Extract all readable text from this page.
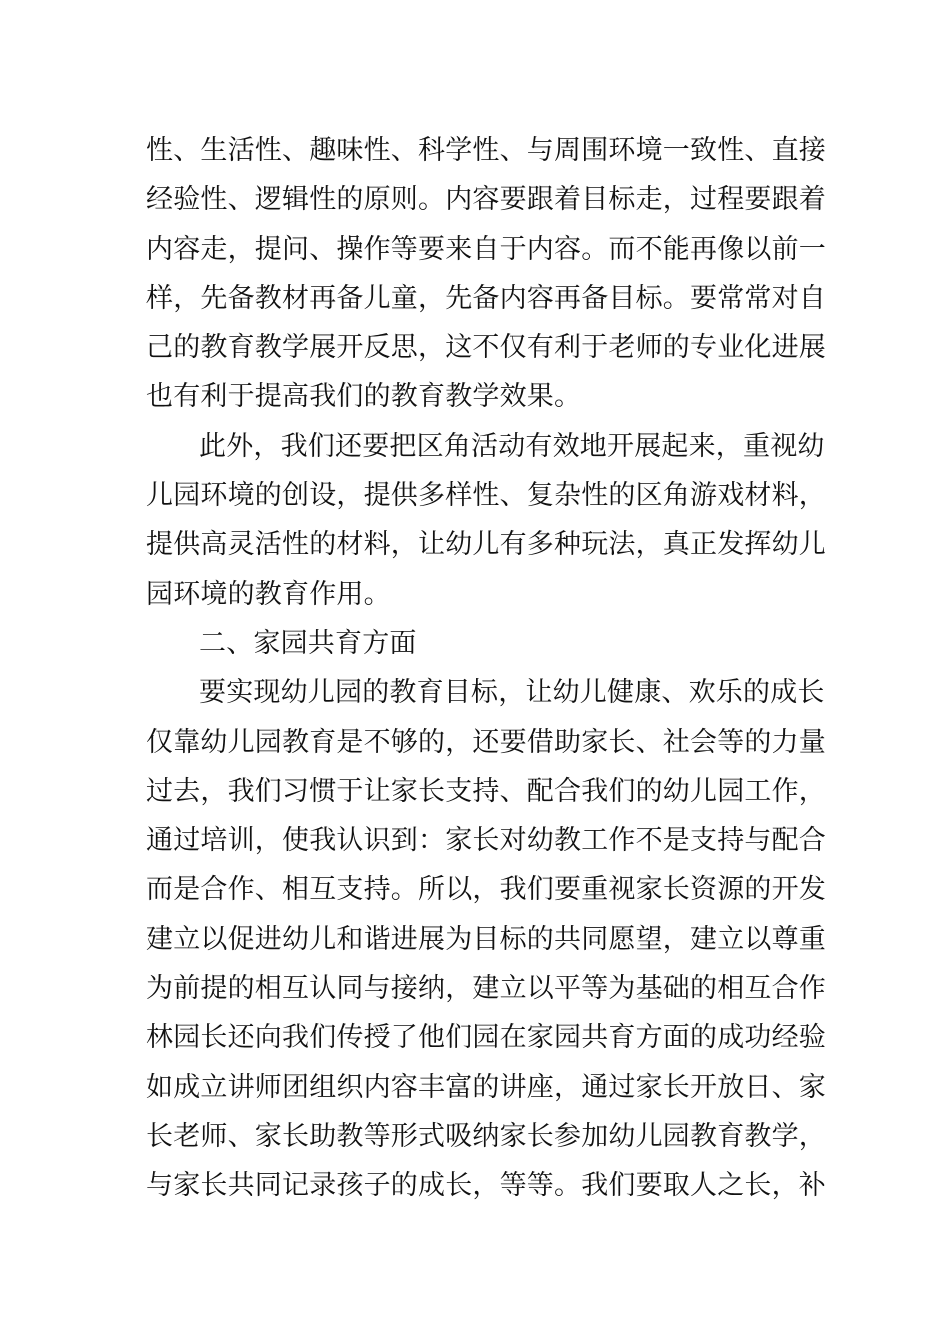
性、生活性、趣味性、科学性、与周围环境一致性、直接
经验性、逻辑性的原则。内容要跟着目标走，过程要跟着
内容走，提问、操作等要来自于内容。而不能再像以前一
样，先备教材再备儿童，先备内容再备目标。要常常对自
己的教育教学展开反思，这不仅有利于老师的专业化进展
也有利于提高我们的教育教学效果。
此外，我们还要把区角活动有效地开展起来，重视幼
儿园环境的创设，提供多样性、复杂性的区角游戏材料，
提供高灵活性的材料，让幼儿有多种玩法，真正发挥幼儿
园环境的教育作用。
二、家园共育方面
要实现幼儿园的教育目标，让幼儿健康、欢乐的成长
仅靠幼儿园教育是不够的，还要借助家长、社会等的力量
过去，我们习惯于让家长支持、配合我们的幼儿园工作，
通过培训，使我认识到：家长对幼教工作不是支持与配合
而是合作、相互支持。所以，我们要重视家长资源的开发
建立以促进幼儿和谐进展为目标的共同愿望，建立以尊重
为前提的相互认同与接纳，建立以平等为基础的相互合作
林园长还向我们传授了他们园在家园共育方面的成功经验
如成立讲师团组织内容丰富的讲座，通过家长开放日、家
长老师、家长助教等形式吸纳家长参加幼儿园教育教学，
与家长共同记录孩子的成长，等等。我们要取人之长，补
